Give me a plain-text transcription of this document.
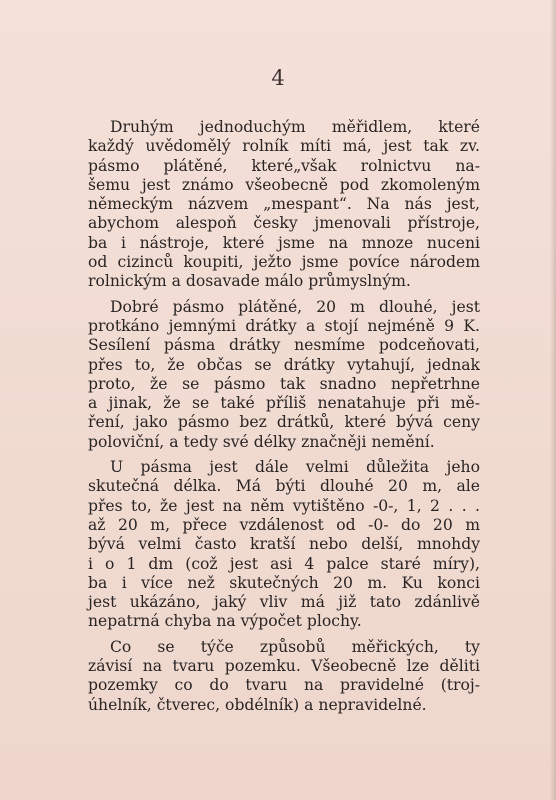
4
Druhým jednoduchým měřidlem, které
každý uvědomělý rolník míti má, jest tak zv.
pásmo plátěné, které„však rolnictvu na-
šemu jest známo všeobecně pod zkomoleným
německým názvem „mespant“. Na nás jest,
abychom alespoň česky jmenovali přístroje,
ba i nástroje, které jsme na mnoze nuceni
od cizinců koupiti, ježto jsme povíce národem
rolnickým a dosavade málo průmyslným.
Dobré pásmo plátěné, 20 m dlouhé, jest
protkáno jemnými drátky a stojí nejméně 9 K.
Sesílení pásma drátky nesmíme podceňovati,
přes to, že občas se drátky vytahují, jednak
proto, že se pásmo tak snadno nepřetrhne
a jinak, že se také příliš nenatahuje při mě-
ření, jako pásmo bez drátků, které bývá ceny
poloviční, a tedy své délky značněji nemění.
U pásma jest dále velmi důležita jeho
skutečná délka. Má býti dlouhé 20 m, ale
přes to, že jest na něm vytištěno -0-, 1, 2 . . .
až 20 m, přece vzdálenost od -0- do 20 m
bývá velmi často kratší nebo delší, mnohdy
i o 1 dm (což jest asi 4 palce staré míry),
ba i více než skutečných 20 m. Ku konci
jest ukázáno, jaký vliv má již tato zdánlivě
nepatrná chyba na výpočet plochy.
Co se týče způsobů měřických, ty
závisí na tvaru pozemku. Všeobecně lze děliti
pozemky co do tvaru na pravidelné (troj-
úhelník, čtverec, obdélník) a nepravidelné.
